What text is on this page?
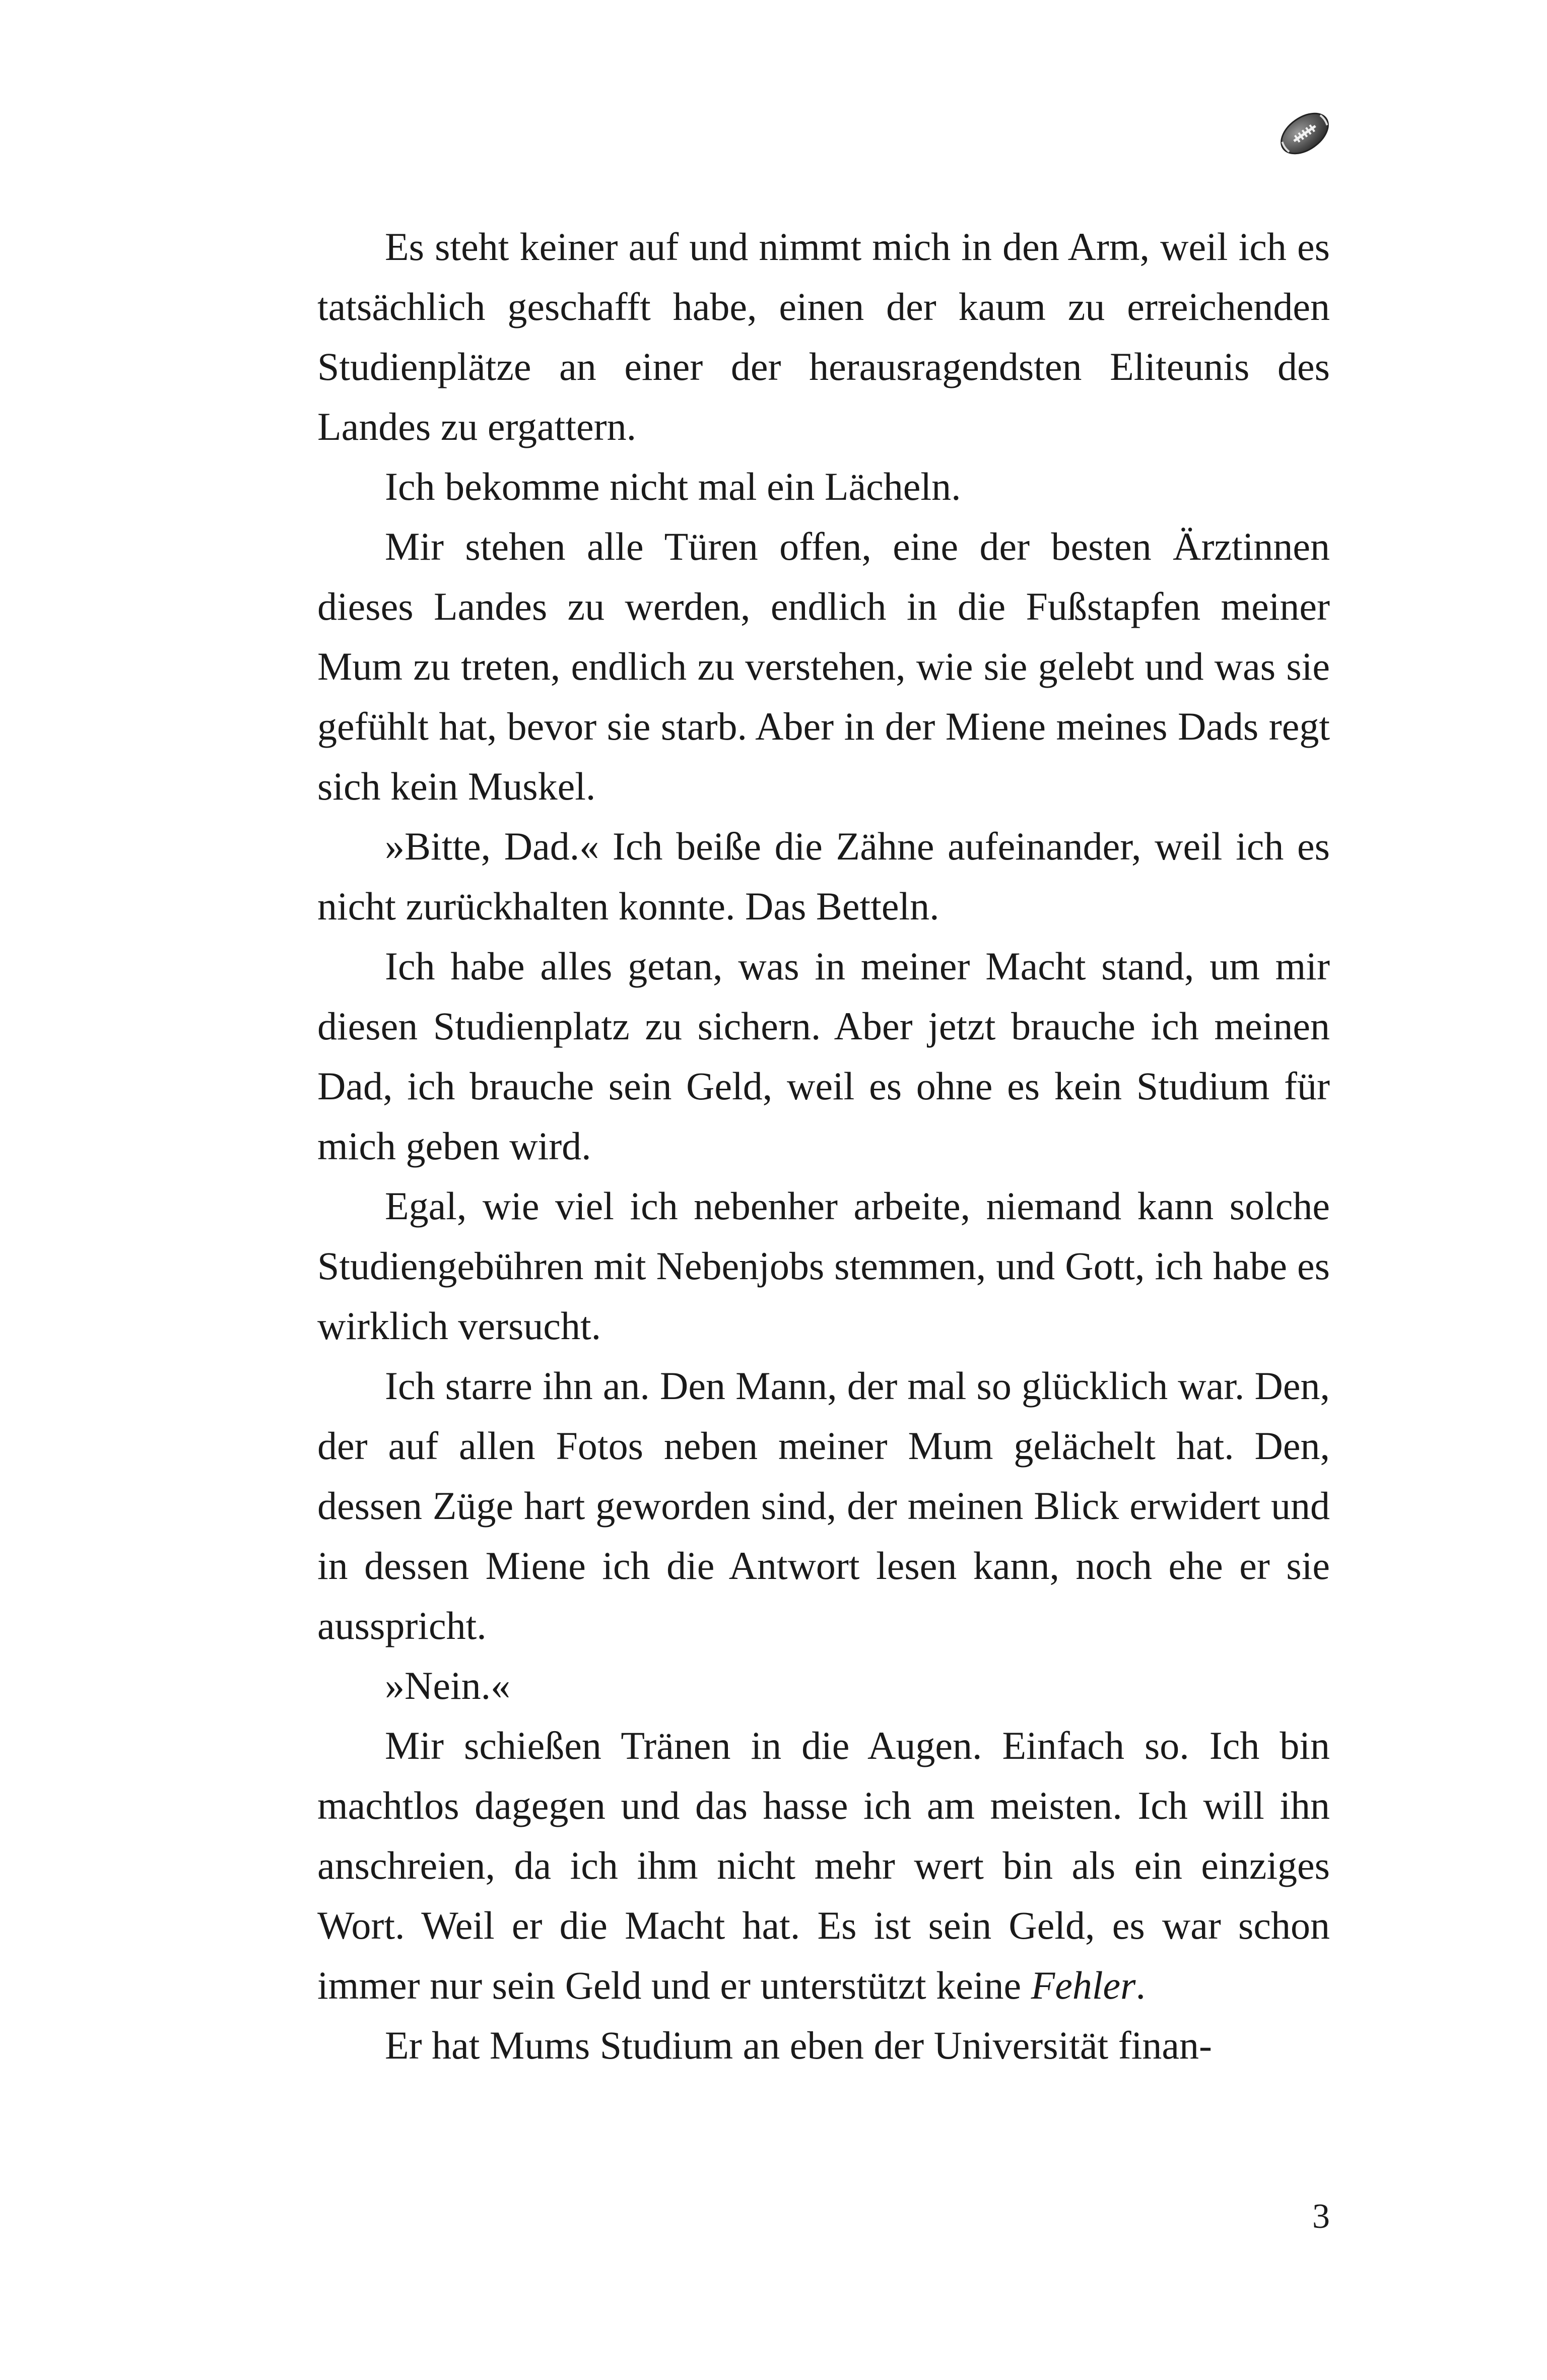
Es steht keiner auf und nimmt mich in den Arm, weil ich es tatsächlich geschafft habe, einen der kaum zu erreichenden Studienplätze an einer der herausragendsten Eliteunis des Landes zu ergattern.

Ich bekomme nicht mal ein Lächeln.

Mir stehen alle Türen offen, eine der besten Ärztinnen dieses Landes zu werden, endlich in die Fußstapfen meiner Mum zu treten, endlich zu verstehen, wie sie gelebt und was sie gefühlt hat, bevor sie starb. Aber in der Miene meines Dads regt sich kein Muskel.

»Bitte, Dad.« Ich beiße die Zähne aufeinander, weil ich es nicht zurückhalten konnte. Das Betteln.

Ich habe alles getan, was in meiner Macht stand, um mir diesen Studienplatz zu sichern. Aber jetzt brauche ich meinen Dad, ich brauche sein Geld, weil es ohne es kein Studium für mich geben wird.

Egal, wie viel ich nebenher arbeite, niemand kann solche Studiengebühren mit Nebenjobs stemmen, und Gott, ich habe es wirklich versucht.

Ich starre ihn an. Den Mann, der mal so glücklich war. Den, der auf allen Fotos neben meiner Mum gelächelt hat. Den, dessen Züge hart geworden sind, der meinen Blick erwidert und in dessen Miene ich die Antwort lesen kann, noch ehe er sie ausspricht.

»Nein.«

Mir schießen Tränen in die Augen. Einfach so. Ich bin machtlos dagegen und das hasse ich am meisten. Ich will ihn anschreien, da ich ihm nicht mehr wert bin als ein einziges Wort. Weil er die Macht hat. Es ist sein Geld, es war schon immer nur sein Geld und er unterstützt keine Fehler.

Er hat Mums Studium an eben der Universität finan-

3
